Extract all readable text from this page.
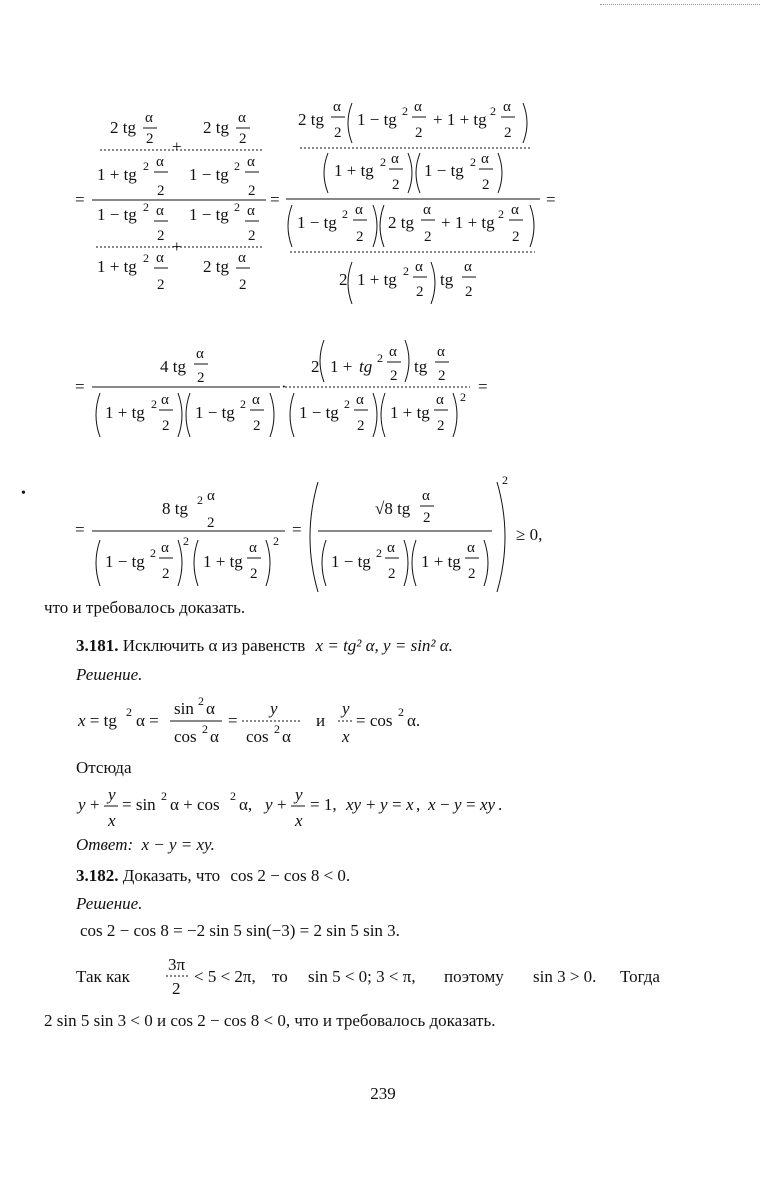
2 tg α
2 +
2 tg α
2
1 + tg 2 α
2
1 − tg 2 α
2
=
1 − tg 2 α
2
1 − tg 2 α
2
+
1 + tg 2 α
2
2 tg α
2
=
2 tg
α
2
1 − tg 2 α
2
+ 1 + tg 2 α
2
1 + tg 2 α
2
1 − tg 2 α
2
=
1 − tg 2 α
2
2 tg
α
2
+ 1 + tg 2 α
2
2 1 + tg 2 α
2
tg
α
2
=
4 tg
α
2
1 + tg 2 α
2
1 − tg 2 α
2
·
2 1 + tg 2 α
2 tg
α
2
1 − tg 2 α
2
1 + tg
α
2
2
=
=
8 tg 2 α
2
1 − tg 2 α
2
2
1 + tg
α
2
2
=
√8 tg
α
2
1 − tg 2 α
2
1 + tg
α
2
2
≥ 0,
•
что и требовалось доказать.
3.181. Исключить α из равенств x = tg² α, y = sin² α.
Решение.
x = tg 2 α =
sin 2 α
cos 2 α
=
y
cos 2 α
и
y
x
= cos 2 α.
Отсюда
y +
y
x
= sin 2 α + cos 2 α, y +
y
x
= 1, xy + y = x , x − y = xy .
Ответ: x − y = xy.
3.182. Доказать, что cos 2 − cos 8 < 0.
Решение.
cos 2 − cos 8 = −2 sin 5 sin(−3) = 2 sin 5 sin 3.
Так как
3π
2
< 5 < 2π, то sin 5 < 0; 3 < π, поэтому sin 3 > 0. Тогда
2 sin 5 sin 3 < 0 и cos 2 − cos 8 < 0, что и требовалось доказать.
239
